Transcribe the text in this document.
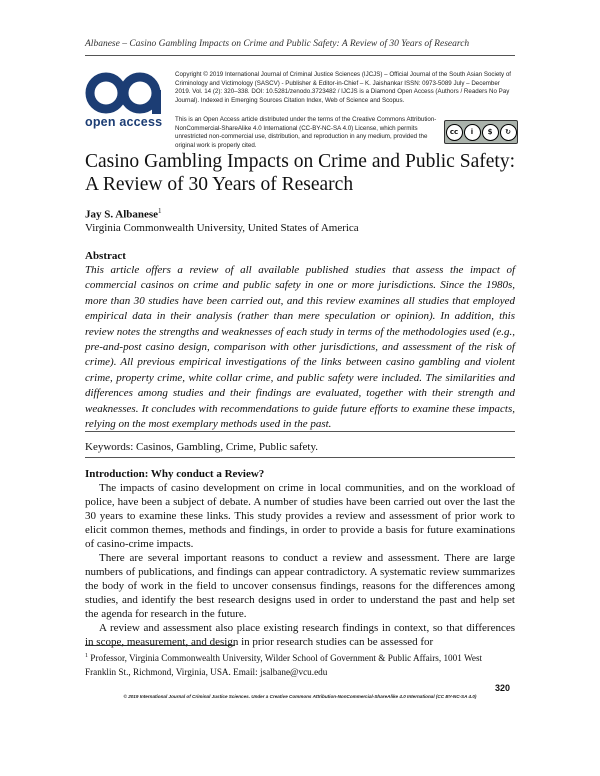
Albanese – Casino Gambling Impacts on Crime and Public Safety: A Review of 30 Years of Research
open access
Copyright © 2019 International Journal of Criminal Justice Sciences (IJCJS) – Official Journal of the South Asian Society of Criminology and Victimology (SASCV) - Publisher & Editor-in-Chief – K. Jaishankar ISSN: 0973-5089 July – December 2019. Vol. 14 (2): 320–338. DOI: 10.5281/zenodo.3723482 / IJCJS is a Diamond Open Access (Authors / Readers No Pay Journal). Indexed in Emerging Sources Citation Index, Web of Science and Scopus.
This is an Open Access article distributed under the terms of the Creative Commons Attribution-NonCommercial-ShareAlike 4.0 International (CC-BY-NC-SA 4.0) License, which permits unrestricted non-commercial use, distribution, and reproduction in any medium, provided the original work is properly cited.
cc	i	$	↻
Casino Gambling Impacts on Crime and Public Safety: A Review of 30 Years of Research
Jay S. Albanese$^1$
Virginia Commonwealth University, United States of America
Abstract

This article offers a review of all available published studies that assess the impact of commercial casinos on crime and public safety in one or more jurisdictions. Since the 1980s, more than 30 studies have been carried out, and this review examines all studies that employed empirical data in their analysis (rather than mere speculation or opinion). In addition, this review notes the strengths and weaknesses of each study in terms of the methodologies used (e.g., pre-and-post casino design, comparison with other jurisdictions, and assessment of the risk of crime). All previous empirical investigations of the links between casino gambling and violent crime, property crime, white collar crime, and public safety were included. The similarities and differences among studies and their findings are evaluated, together with their strength and weaknesses. It concludes with recommendations to guide future efforts to examine these impacts, relying on the most exemplary methods used in the past.

Keywords: Casinos, Gambling, Crime, Public safety.
Introduction: Why conduct a Review?

The impacts of casino development on crime in local communities, and on the workload of police, have been a subject of debate. A number of studies have been carried out over the last the 30 years to examine these links. This study provides a review and assessment of prior work to elicit common themes, methods and findings, in order to provide a basis for future examinations of casino-crime impacts.

There are several important reasons to conduct a review and assessment. There are large numbers of publications, and findings can appear contradictory. A systematic review summarizes the body of work in the field to uncover consensus findings, reasons for the differences among studies, and identify the best research designs used in order to understand the past and help set the agenda for research in the future.

A review and assessment also place existing research findings in context, so that differences in scope, measurement, and design in prior research studies can be assessed for

$^1$ Professor, Virginia Commonwealth University, Wilder School of Government & Public Affairs, 1001 West Franklin St., Richmond, Virginia, USA. Email: jsalbane@vcu.edu
320
© 2019 International Journal of Criminal Justice Sciences. Under a Creative Commons Attribution-NonCommercial-ShareAlike 4.0 International (CC BY-NC-SA 4.0)
